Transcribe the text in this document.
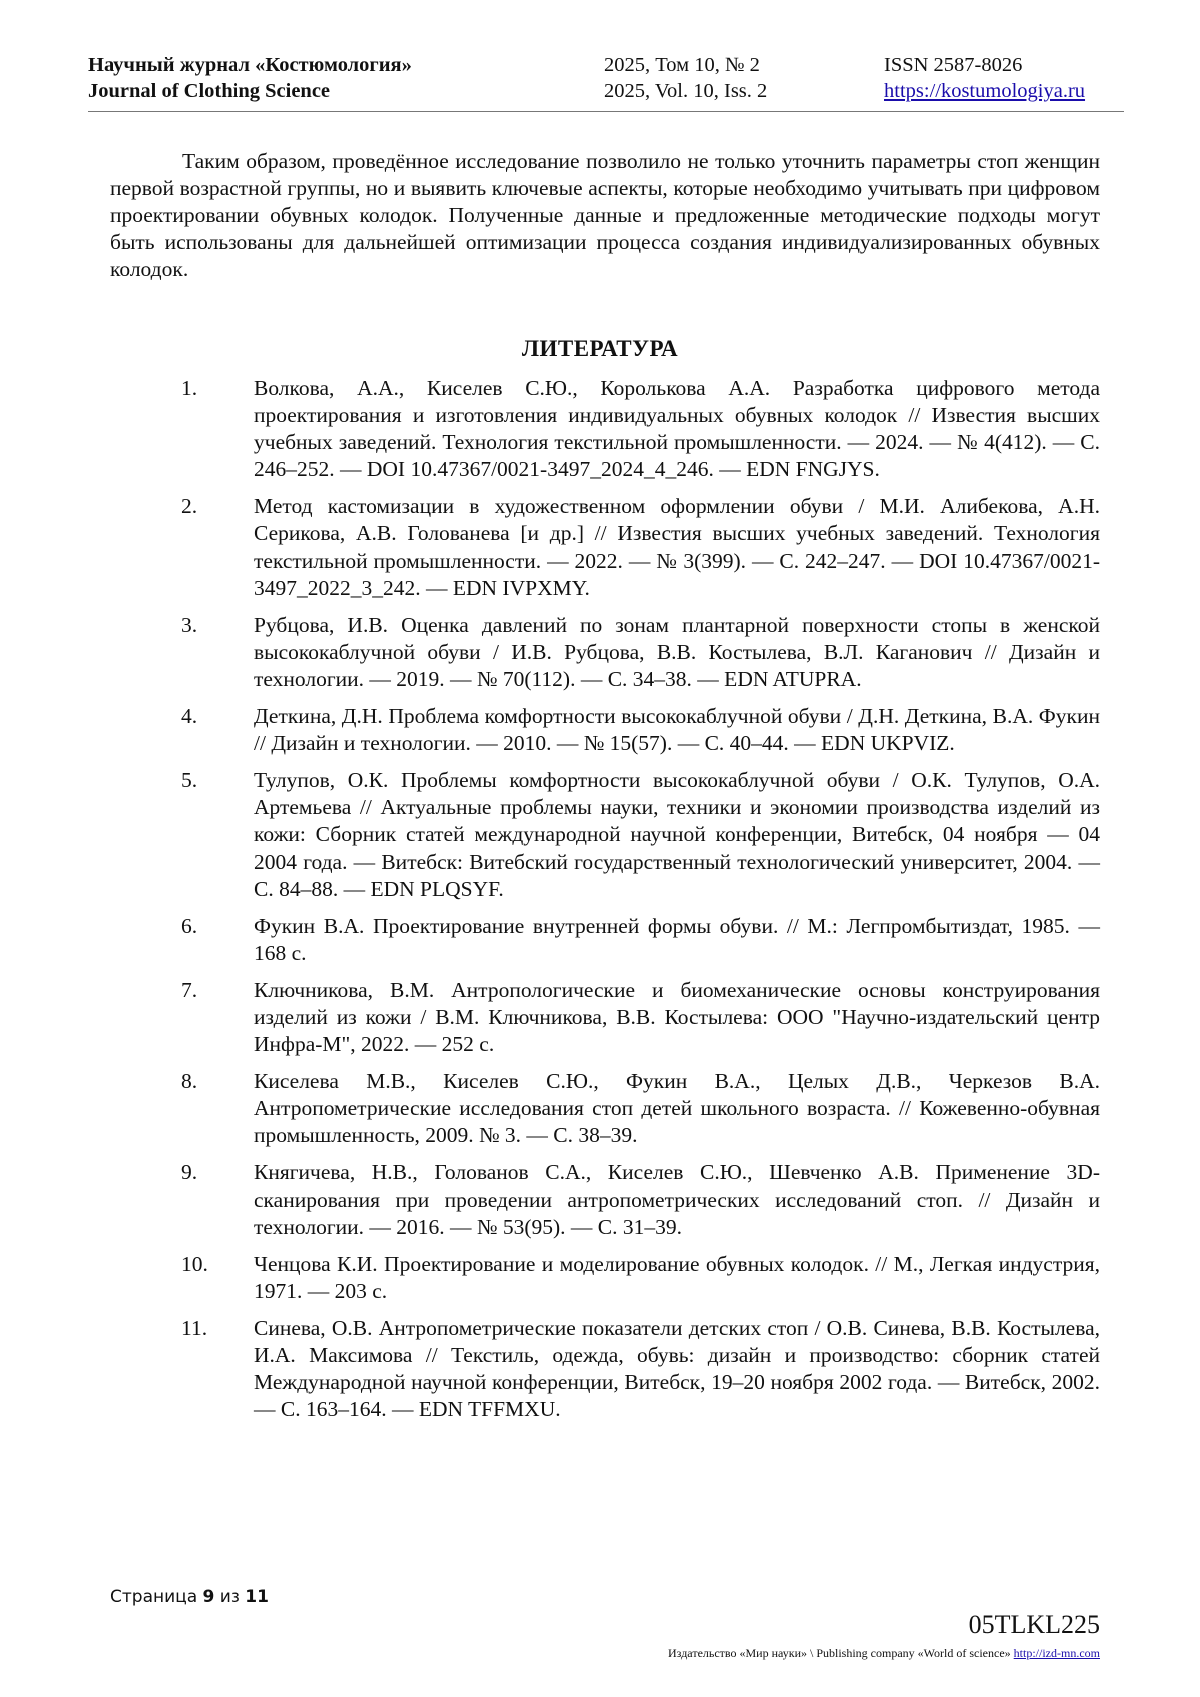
Научный журнал «Костюмология»
Journal of Clothing Science
2025, Том 10, № 2
2025, Vol. 10, Iss. 2
ISSN 2587-8026
https://kostumologiya.ru

Таким образом, проведённое исследование позволило не только уточнить параметры стоп женщин первой возрастной группы, но и выявить ключевые аспекты, которые необходимо учитывать при цифровом проектировании обувных колодок. Полученные данные и предложенные методические подходы могут быть использованы для дальнейшей оптимизации процесса создания индивидуализированных обувных колодок.

ЛИТЕРАТУРА
1.	Волкова, А.А., Киселев С.Ю., Королькова А.А. Разработка цифрового метода проектирования и изготовления индивидуальных обувных колодок // Известия высших учебных заведений. Технология текстильной промышленности. — 2024. — № 4(412). — С. 246–252. — DOI 10.47367/0021-3497_2024_4_246. — EDN FNGJYS.
2.	Метод кастомизации в художественном оформлении обуви / М.И. Алибекова, А.Н. Серикова, А.В. Голованева [и др.] // Известия высших учебных заведений. Технология текстильной промышленности. — 2022. — № 3(399). — С. 242–247. — DOI 10.47367/0021-3497_2022_3_242. — EDN IVPXMY.
3.	Рубцова, И.В. Оценка давлений по зонам плантарной поверхности стопы в женской высококаблучной обуви / И.В. Рубцова, В.В. Костылева, В.Л. Каганович // Дизайн и технологии. — 2019. — № 70(112). — С. 34–38. — EDN ATUPRA.
4.	Деткина, Д.Н. Проблема комфортности высококаблучной обуви / Д.Н. Деткина, В.А. Фукин // Дизайн и технологии. — 2010. — № 15(57). — С. 40–44. — EDN UKPVIZ.
5.	Тулупов, О.К. Проблемы комфортности высококаблучной обуви / О.К. Тулупов, О.А. Артемьева // Актуальные проблемы науки, техники и экономии производства изделий из кожи: Сборник статей международной научной конференции, Витебск, 04 ноября — 04 2004 года. — Витебск: Витебский государственный технологический университет, 2004. — С. 84–88. — EDN PLQSYF.
6.	Фукин В.А. Проектирование внутренней формы обуви. // М.: Легпромбытиздат, 1985. — 168 с.
7.	Ключникова, В.М. Антропологические и биомеханические основы конструирования изделий из кожи / В.М. Ключникова, В.В. Костылева: ООО "Научно-издательский центр Инфра-М", 2022. — 252 с.
8.	Киселева М.В., Киселев С.Ю., Фукин В.А., Целых Д.В., Черкезов В.А. Антропометрические исследования стоп детей школьного возраста. // Кожевенно-обувная промышленность, 2009. № 3. — С. 38–39.
9.	Княгичева, Н.В., Голованов С.А., Киселев С.Ю., Шевченко А.В. Применение 3D-сканирования при проведении антропометрических исследований стоп. // Дизайн и технологии. — 2016. — № 53(95). — С. 31–39.
10. Ченцова К.И. Проектирование и моделирование обувных колодок. // М., Легкая индустрия, 1971. — 203 с.
11. Синева, О.В. Антропометрические показатели детских стоп / О.В. Синева, В.В. Костылева, И.А. Максимова // Текстиль, одежда, обувь: дизайн и производство: сборник статей Международной научной конференции, Витебск, 19–20 ноября 2002 года. — Витебск, 2002. — С. 163–164. — EDN TFFMXU.
Страница 9 из 11
05TLKL225
Издательство «Мир науки» \ Publishing company «World of science» http://izd-mn.com
